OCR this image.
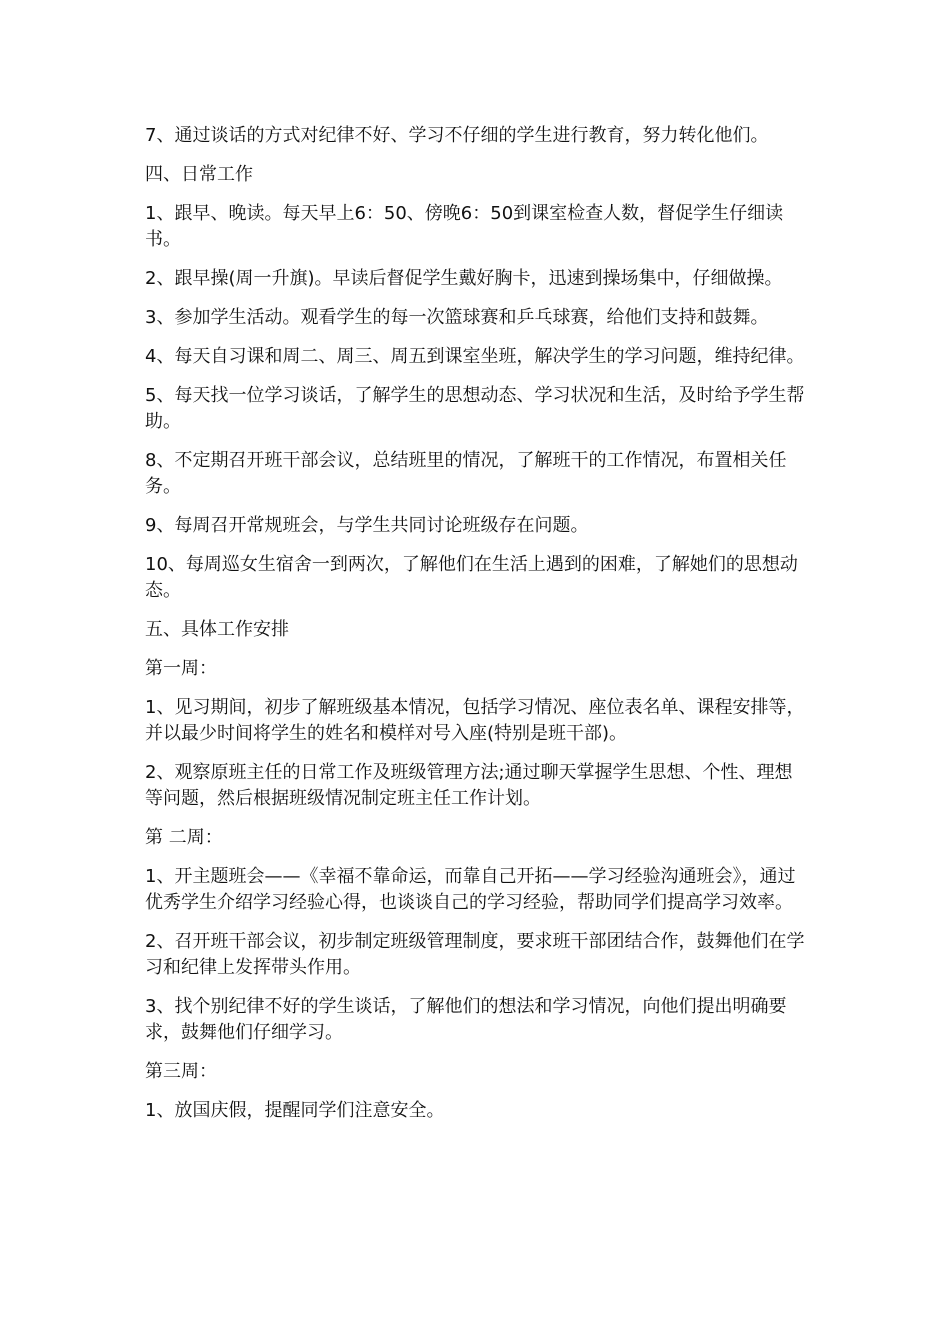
7、通过谈话的方式对纪律不好、学习不仔细的学生进行教育，努力转化他们。

四、日常工作

1、跟早、晚读。每天早上6：50、傍晚6：50到课室检查人数，督促学生仔细读书。

2、跟早操(周一升旗)。早读后督促学生戴好胸卡，迅速到操场集中，仔细做操。

3、参加学生活动。观看学生的每一次篮球赛和乒乓球赛，给他们支持和鼓舞。

4、每天自习课和周二、周三、周五到课室坐班，解决学生的学习问题，维持纪律。

5、每天找一位学习谈话，了解学生的思想动态、学习状况和生活，及时给予学生帮助。

8、不定期召开班干部会议，总结班里的情况，了解班干的工作情况，布置相关任务。

9、每周召开常规班会，与学生共同讨论班级存在问题。

10、每周巡女生宿舍一到两次，了解他们在生活上遇到的困难，了解她们的思想动态。

五、具体工作安排

第一周：

1、见习期间，初步了解班级基本情况，包括学习情况、座位表名单、课程安排等，并以最少时间将学生的姓名和模样对号入座(特别是班干部)。

2、观察原班主任的日常工作及班级管理方法;通过聊天掌握学生思想、个性、理想等问题，然后根据班级情况制定班主任工作计划。

第 二周：

1、开主题班会——《幸福不靠命运，而靠自己开拓——学习经验沟通班会》，通过优秀学生介绍学习经验心得，也谈谈自己的学习经验，帮助同学们提高学习效率。

2、召开班干部会议，初步制定班级管理制度，要求班干部团结合作，鼓舞他们在学习和纪律上发挥带头作用。

3、找个别纪律不好的学生谈话，了解他们的想法和学习情况，向他们提出明确要求，鼓舞他们仔细学习。

第三周：

1、放国庆假，提醒同学们注意安全。
